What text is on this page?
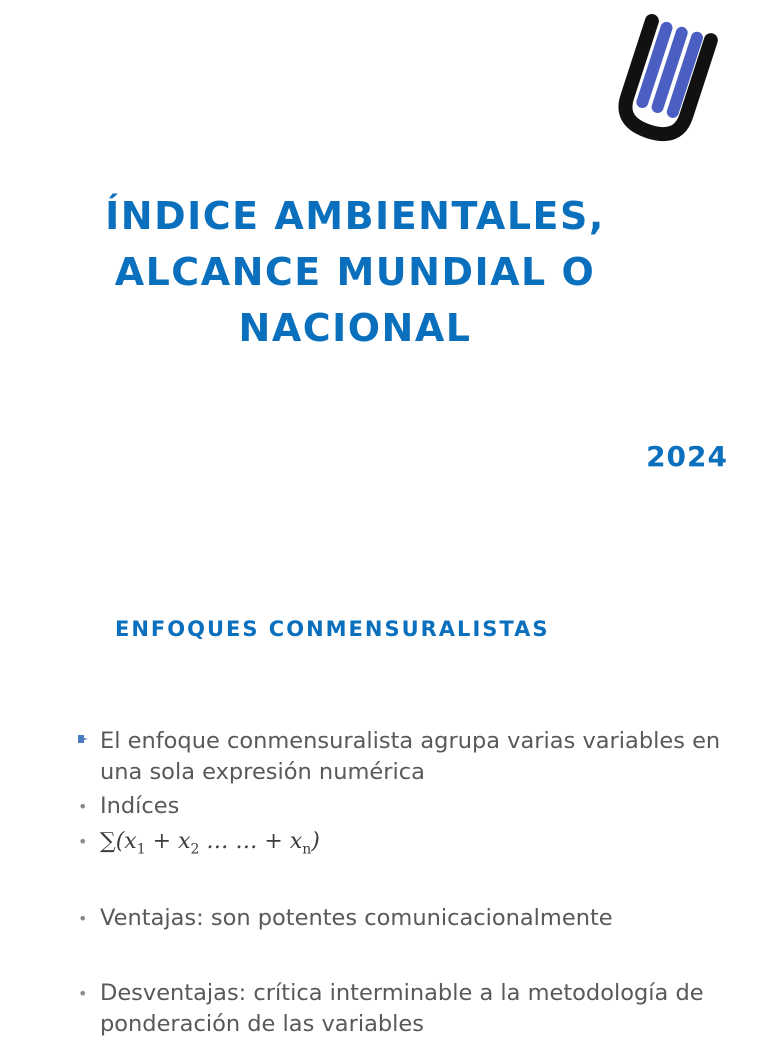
ÍNDICE AMBIENTALES,
ALCANCE MUNDIAL O
NACIONAL
2024
ENFOQUES CONMENSURALISTAS
El enfoque conmensuralista agrupa varias variables en una sola expresión numérica
• Indíces
• $\sum(x_1 + x_2$ … … + $x_n$)
• Ventajas: son potentes comunicacionalmente
• Desventajas: crítica interminable a la metodología de ponderación de las variables
